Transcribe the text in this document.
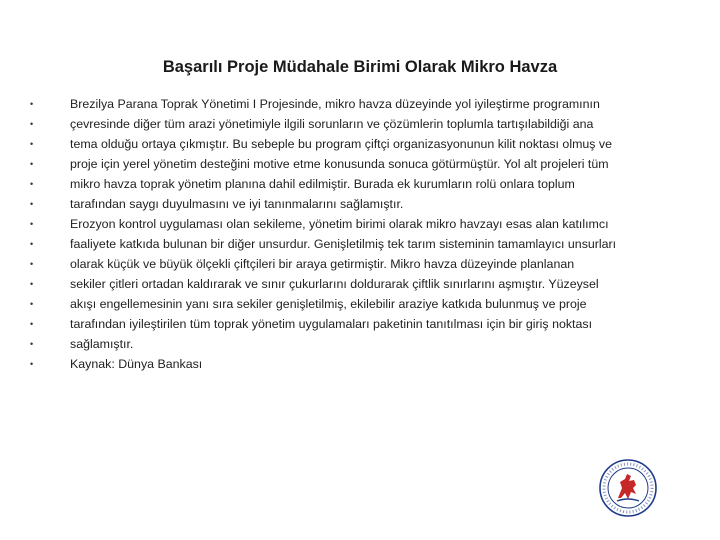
Başarılı Proje Müdahale Birimi Olarak Mikro Havza
• Brezilya Parana Toprak Yönetimi I Projesinde, mikro havza düzeyinde yol iyileştirme programının
• çevresinde diğer tüm arazi yönetimiyle ilgili sorunların ve çözümlerin toplumla tartışılabildiği ana
• tema olduğu ortaya çıkmıştır. Bu sebeple bu program çiftçi organizasyonunun kilit noktası olmuş ve
• proje için yerel yönetim desteğini motive etme konusunda sonuca götürmüştür. Yol alt projeleri tüm
• mikro havza toprak yönetim planına dahil edilmiştir. Burada ek kurumların rolü onlara toplum
• tarafından saygı duyulmasını ve iyi tanınmalarını sağlamıştır.
• Erozyon kontrol uygulaması olan sekileme, yönetim birimi olarak mikro havzayı esas alan katılımcı
• faaliyete katkıda bulunan bir diğer unsurdur. Genişletilmiş tek tarım sisteminin tamamlayıcı unsurları
• olarak küçük ve büyük ölçekli çiftçileri bir araya getirmiştir. Mikro havza düzeyinde planlanan
• sekiler çitleri ortadan kaldırarak ve sınır çukurlarını doldurarak çiftlik sınırlarını aşmıştır. Yüzeysel
• akışı engellemesinin yanı sıra sekiler genişletilmiş, ekilebilir araziye katkıda bulunmuş ve proje
• tarafından iyileştirilen tüm toprak yönetim uygulamaları paketinin tanıtılması için bir giriş noktası
• sağlamıştır.
• Kaynak: Dünya Bankası
